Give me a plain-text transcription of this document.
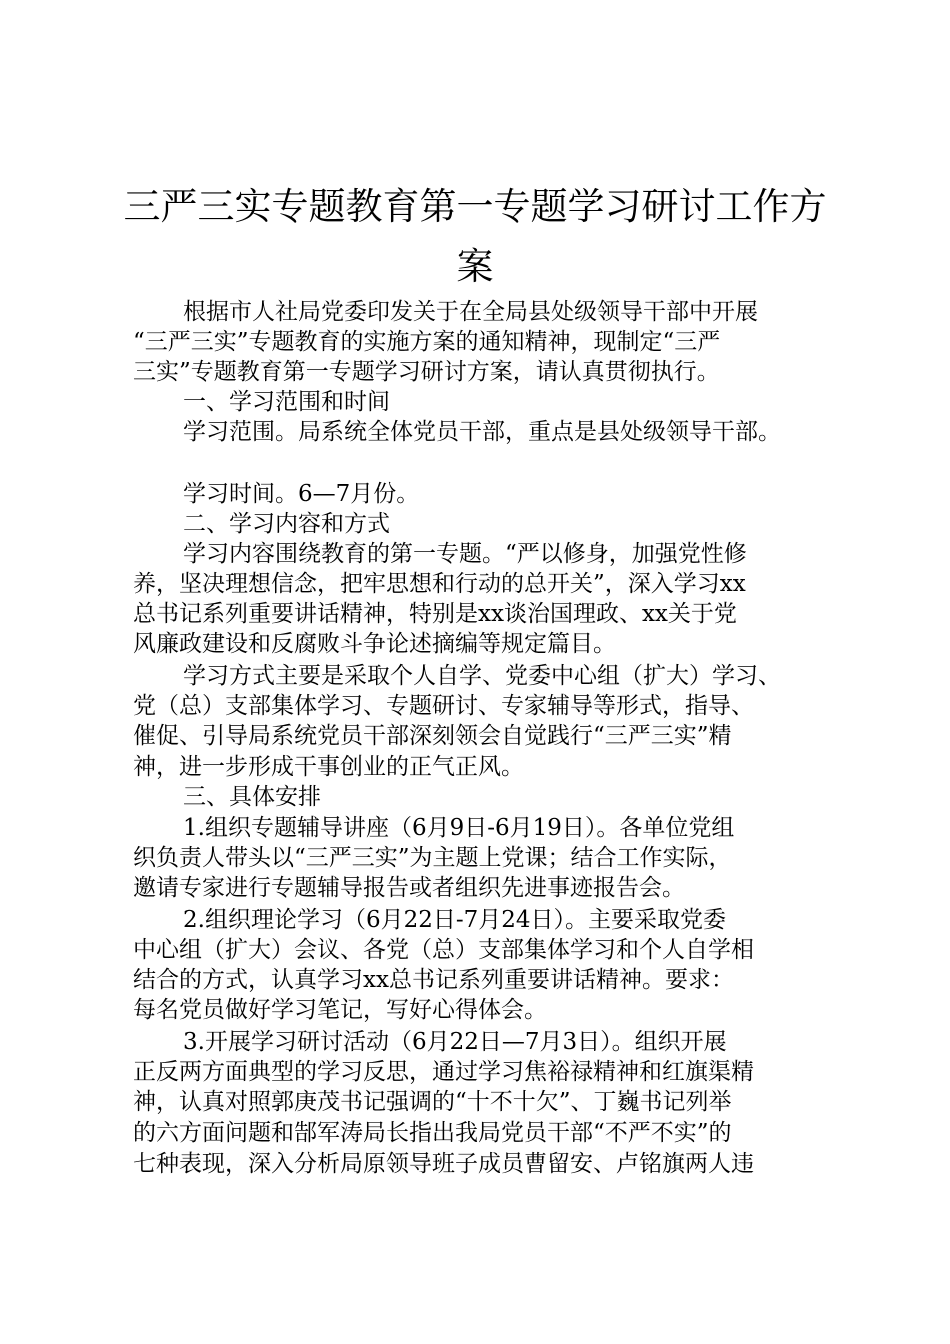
三严三实专题教育第一专题学习研讨工作方
案

根据市人社局党委印发关于在全局县处级领导干部中开展

“三严三实”专题教育的实施方案的通知精神，现制定“三严

三实”专题教育第一专题学习研讨方案，请认真贯彻执行。

一、学习范围和时间

学习范围。局系统全体党员干部，重点是县处级领导干部。

学习时间。6—7月份。

二、学习内容和方式

学习内容围绕教育的第一专题。“严以修身，加强党性修

养，坚决理想信念，把牢思想和行动的总开关”，深入学习xx

总书记系列重要讲话精神，特别是xx谈治国理政、xx关于党

风廉政建设和反腐败斗争论述摘编等规定篇目。

学习方式主要是采取个人自学、党委中心组（扩大）学习、

党（总）支部集体学习、专题研讨、专家辅导等形式，指导、

催促、引导局系统党员干部深刻领会自觉践行“三严三实”精

神，进一步形成干事创业的正气正风。

三、具体安排

1.组织专题辅导讲座（6月9日-6月19日）。各单位党组

织负责人带头以“三严三实”为主题上党课；结合工作实际，

邀请专家进行专题辅导报告或者组织先进事迹报告会。

2.组织理论学习（6月22日-7月24日）。主要采取党委

中心组（扩大）会议、各党（总）支部集体学习和个人自学相

结合的方式，认真学习xx总书记系列重要讲话精神。要求：

每名党员做好学习笔记，写好心得体会。

3.开展学习研讨活动（6月22日—7月3日）。组织开展

正反两方面典型的学习反思，通过学习焦裕禄精神和红旗渠精

神，认真对照郭庚茂书记强调的“十不十欠”、丁巍书记列举

的六方面问题和郜军涛局长指出我局党员干部“不严不实”的

七种表现，深入分析局原领导班子成员曹留安、卢铭旗两人违
